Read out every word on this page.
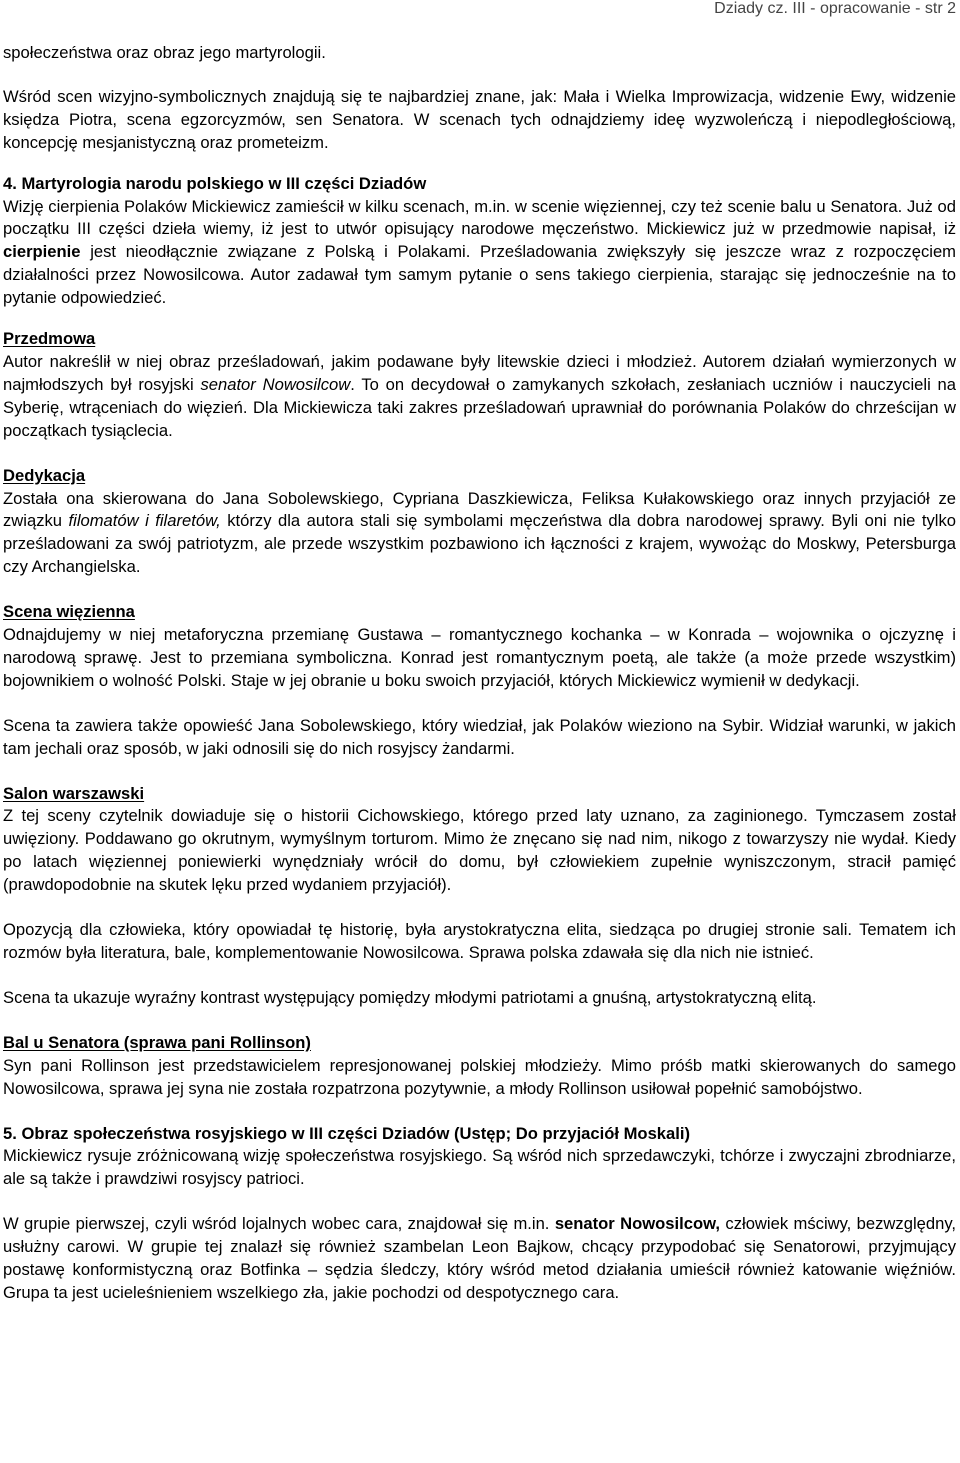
Dziady cz. III - opracowanie - str 2

społeczeństwa oraz obraz jego martyrologii.

Wśród scen wizyjno-symbolicznych znajdują się te najbardziej znane, jak: Mała i Wielka Improwizacja, widzenie Ewy, widzenie księdza Piotra, scena egzorcyzmów, sen Senatora. W scenach tych odnajdziemy ideę wyzwoleńczą i niepodległościową, koncepcję mesjanistyczną oraz prometeizm.

4. Martyrologia narodu polskiego w III części Dziadów

Wizję cierpienia Polaków Mickiewicz zamieścił w kilku scenach, m.in. w scenie więziennej, czy też scenie balu u Senatora. Już od początku III części dzieła wiemy, iż jest to utwór opisujący narodowe męczeństwo. Mickiewicz już w przedmowie napisał, iż cierpienie jest nieodłącznie związane z Polską i Polakami. Prześladowania zwiększyły się jeszcze wraz z rozpoczęciem działalności przez Nowosilcowa. Autor zadawał tym samym pytanie o sens takiego cierpienia, starając się jednocześnie na to pytanie odpowiedzieć.

Przedmowa

Autor nakreślił w niej obraz prześladowań, jakim podawane były litewskie dzieci i młodzież. Autorem działań wymierzonych w najmłodszych był rosyjski senator Nowosilcow. To on decydował o zamykanych szkołach, zesłaniach uczniów i nauczycieli na Syberię, wtrąceniach do więzień. Dla Mickiewicza taki zakres prześladowań uprawniał do porównania Polaków do chrześcijan w początkach tysiąclecia.

Dedykacja

Została ona skierowana do Jana Sobolewskiego, Cypriana Daszkiewicza, Feliksa Kułakowskiego oraz innych przyjaciół ze związku filomatów i filaretów, którzy dla autora stali się symbolami męczeństwa dla dobra narodowej sprawy. Byli oni nie tylko prześladowani za swój patriotyzm, ale przede wszystkim pozbawiono ich łączności z krajem, wywożąc do Moskwy, Petersburga czy Archangielska.

Scena więzienna

Odnajdujemy w niej metaforyczna przemianę Gustawa – romantycznego kochanka – w Konrada – wojownika o ojczyznę i narodową sprawę. Jest to przemiana symboliczna. Konrad jest romantycznym poetą, ale także (a może przede wszystkim) bojownikiem o wolność Polski. Staje w jej obranie u boku swoich przyjaciół, których Mickiewicz wymienił w dedykacji.

Scena ta zawiera także opowieść Jana Sobolewskiego, który wiedział, jak Polaków wieziono na Sybir. Widział warunki, w jakich tam jechali oraz sposób, w jaki odnosili się do nich rosyjscy żandarmi.

Salon warszawski

Z tej sceny czytelnik dowiaduje się o historii Cichowskiego, którego przed laty uznano, za zaginionego. Tymczasem został uwięziony. Poddawano go okrutnym, wymyślnym torturom. Mimo że znęcano się nad nim, nikogo z towarzyszy nie wydał. Kiedy po latach więziennej poniewierki wynędzniały wrócił do domu, był człowiekiem zupełnie wyniszczonym, stracił pamięć (prawdopodobnie na skutek lęku przed wydaniem przyjaciół).

Opozycją dla człowieka, który opowiadał tę historię, była arystokratyczna elita, siedząca po drugiej stronie sali. Tematem ich rozmów była literatura, bale, komplementowanie Nowosilcowa. Sprawa polska zdawała się dla nich nie istnieć.

Scena ta ukazuje wyraźny kontrast występujący pomiędzy młodymi patriotami a gnuśną, artystokratyczną elitą.

Bal u Senatora (sprawa pani Rollinson)

Syn pani Rollinson jest przedstawicielem represjonowanej polskiej młodzieży. Mimo próśb matki skierowanych do samego Nowosilcowa, sprawa jej syna nie została rozpatrzona pozytywnie, a młody Rollinson usiłował popełnić samobójstwo.

5. Obraz społeczeństwa rosyjskiego w III części Dziadów (Ustęp; Do przyjaciół Moskali)

Mickiewicz rysuje zróżnicowaną wizję społeczeństwa rosyjskiego. Są wśród nich sprzedawczyki, tchórze i zwyczajni zbrodniarze, ale są także i prawdziwi rosyjscy patrioci.

W grupie pierwszej, czyli wśród lojalnych wobec cara, znajdował się m.in. senator Nowosilcow, człowiek mściwy, bezwzględny, usłużny carowi. W grupie tej znalazł się również szambelan Leon Bajkow, chcący przypodobać się Senatorowi, przyjmujący postawę konformistyczną oraz Botfinka – sędzia śledczy, który wśród metod działania umieścił również katowanie więźniów. Grupa ta jest ucieleśnieniem wszelkiego zła, jakie pochodzi od despotycznego cara.
